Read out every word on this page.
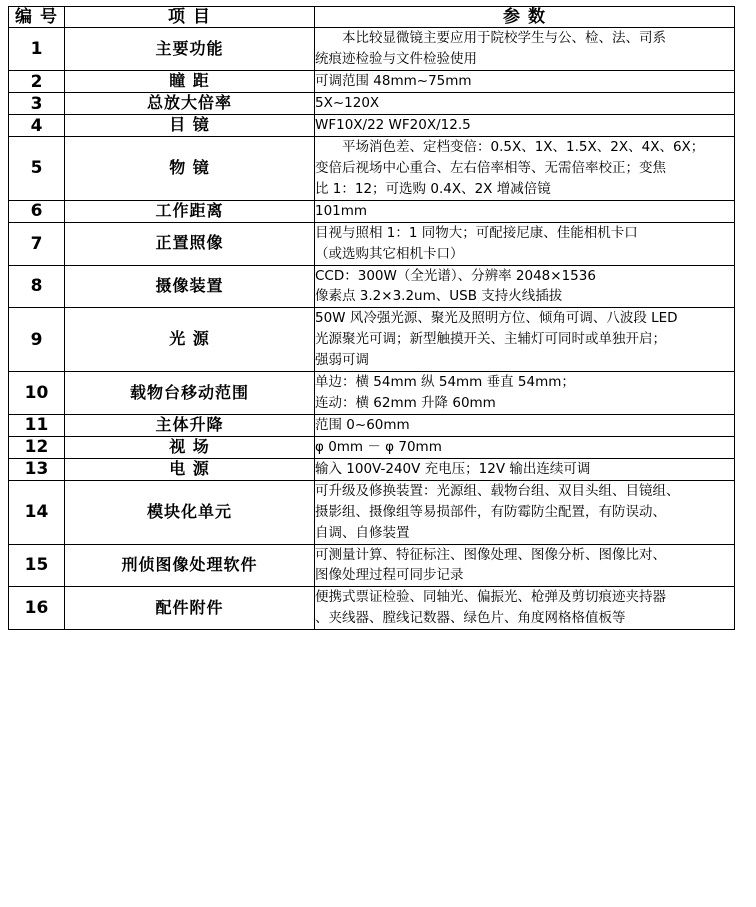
编 号	项 目	参 数
1	主要功能	本比较显微镜主要应用于院校学生与公、检、法、司系
统痕迹检验与文件检验使用

2	瞳 距	可调范围 48mm~75mm

3	总放大倍率	5X~120X

4	目 镜	WF10X/22 WF20X/12.5

5	物 镜	平场消色差、定档变倍：0.5X、1X、1.5X、2X、4X、6X；
变倍后视场中心重合、左右倍率相等、无需倍率校正；变焦
比 1：12；可选购 0.4X、2X 增减倍镜

6	工作距离	101mm

7	正置照像	目视与照相 1：1 同物大；可配接尼康、佳能相机卡口
（或选购其它相机卡口）

8	摄像装置	CCD：300W（全光谱）、分辨率 2048×1536
像素点 3.2×3.2um、USB 支持火线插拔

9	光 源	50W 风冷强光源、聚光及照明方位、倾角可调、八波段 LED
光源聚光可调；新型触摸开关、主辅灯可同时或单独开启；
强弱可调

10	载物台移动范围	单边：横 54mm 纵 54mm 垂直 54mm；
连动：横 62mm 升降 60mm

11	主体升降	范围 0~60mm

12	视 场	φ 0mm － φ 70mm

13	电 源	输入 100V-240V 充电压；12V 输出连续可调

14	模块化单元	可升级及修换装置：光源组、载物台组、双目头组、目镜组、
摄影组、摄像组等易损部件，有防霉防尘配置，有防误动、
自调、自修装置

15	刑侦图像处理软件	可测量计算、特征标注、图像处理、图像分析、图像比对、
图像处理过程可同步记录

16	配件附件	便携式票证检验、同轴光、偏振光、枪弹及剪切痕迹夹持器
、夹线器、膛线记数器、绿色片、角度网格格值板等
